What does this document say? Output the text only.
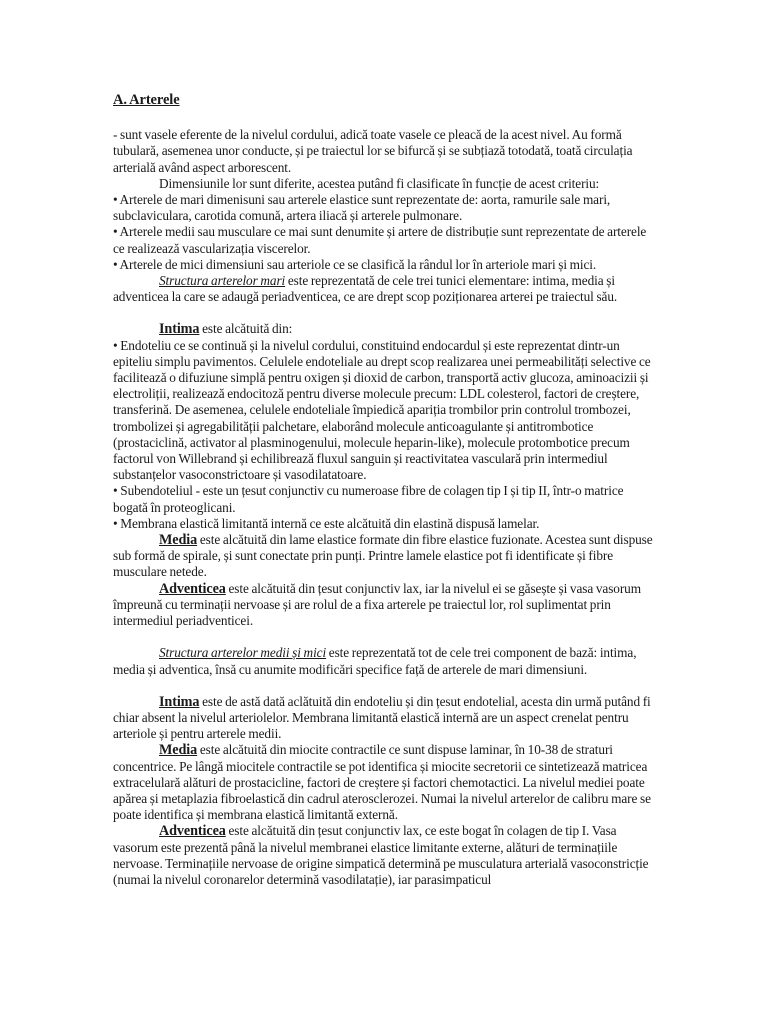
A. Arterele

- sunt vasele eferente de la nivelul cordului, adică toate vasele ce pleacă de la acest nivel. Au formă tubulară, asemenea unor conducte, și pe traiectul lor se bifurcă și se subțiază totodată, toată circulația arterială având aspect arborescent.

Dimensiunile lor sunt diferite, acestea putând fi clasificate în funcție de acest criteriu:

• Arterele de mari dimenisuni sau arterele elastice sunt reprezentate de: aorta, ramurile sale mari, subclaviculara, carotida comună, artera iliacă și arterele pulmonare.

• Arterele medii sau musculare ce mai sunt denumite și artere de distribuție sunt reprezentate de arterele ce realizează vascularizația viscerelor.

• Arterele de mici dimensiuni sau arteriole ce se clasifică la rândul lor în arteriole mari și mici.

Structura arterelor mari este reprezentată de cele trei tunici elementare: intima, media și adventicea la care se adaugă periadventicea, ce are drept scop poziționarea arterei pe traiectul său.

Intima este alcătuită din:

• Endoteliu ce se continuă și la nivelul cordului, constituind endocardul și este reprezentat dintr-un epiteliu simplu pavimentos. Celulele endoteliale au drept scop realizarea unei permeabilități selective ce facilitează o difuziune simplă pentru oxigen și dioxid de carbon, transportă activ glucoza, aminoacizii și electroliții, realizează endocitoză pentru diverse molecule precum: LDL colesterol, factori de creștere, transferină. De asemenea, celulele endoteliale împiedică apariția trombilor prin controlul trombozei, trombolizei și agregabilității palchetare, elaborând molecule anticoagulante și antitrombotice (prostaciclină, activator al plasminogenului, molecule heparin-like), molecule protombotice precum factorul von Willebrand și echilibrează fluxul sanguin și reactivitatea vasculară prin intermediul substanțelor vasoconstrictoare și vasodilatatoare.

• Subendoteliul - este un țesut conjunctiv cu numeroase fibre de colagen tip I și tip II, într-o matrice bogată în proteoglicani.

• Membrana elastică limitantă internă ce este alcătuită din elastină dispusă lamelar.

Media este alcătuită din lame elastice formate din fibre elastice fuzionate. Acestea sunt dispuse sub formă de spirale, și sunt conectate prin punți. Printre lamele elastice pot fi identificate și fibre musculare netede.

Adventicea este alcătuită din țesut conjunctiv lax, iar la nivelul ei se găsește și vasa vasorum împreună cu terminații nervoase și are rolul de a fixa arterele pe traiectul lor, rol suplimentat prin intermediul periadventicei.

Structura arterelor medii și mici este reprezentată tot de cele trei component de bază: intima, media și adventica, însă cu anumite modificări specifice față de arterele de mari dimensiuni.

Intima este de astă dată aclătuită din endoteliu și din țesut endotelial, acesta din urmă putând fi chiar absent la nivelul arteriolelor. Membrana limitantă elastică internă are un aspect crenelat pentru arteriole și pentru arterele medii.

Media este alcătuită din miocite contractile ce sunt dispuse laminar, în 10-38 de straturi concentrice. Pe lângă miocitele contractile se pot identifica și miocite secretorii ce sintetizează matricea extracelulară alături de prostacicline, factori de creștere și factori chemotactici. La nivelul mediei poate apărea și metaplazia fibroelastică din cadrul aterosclerozei. Numai la nivelul arterelor de calibru mare se poate identifica și membrana elastică limitantă externă.

Adventicea este alcătuită din țesut conjunctiv lax, ce este bogat în colagen de tip I. Vasa vasorum este prezentă până la nivelul membranei elastice limitante externe, alături de terminațiile nervoase. Terminațiile nervoase de origine simpatică determină pe musculatura arterială vasoconstricție (numai la nivelul coronarelor determină vasodilatație), iar parasimpaticul
